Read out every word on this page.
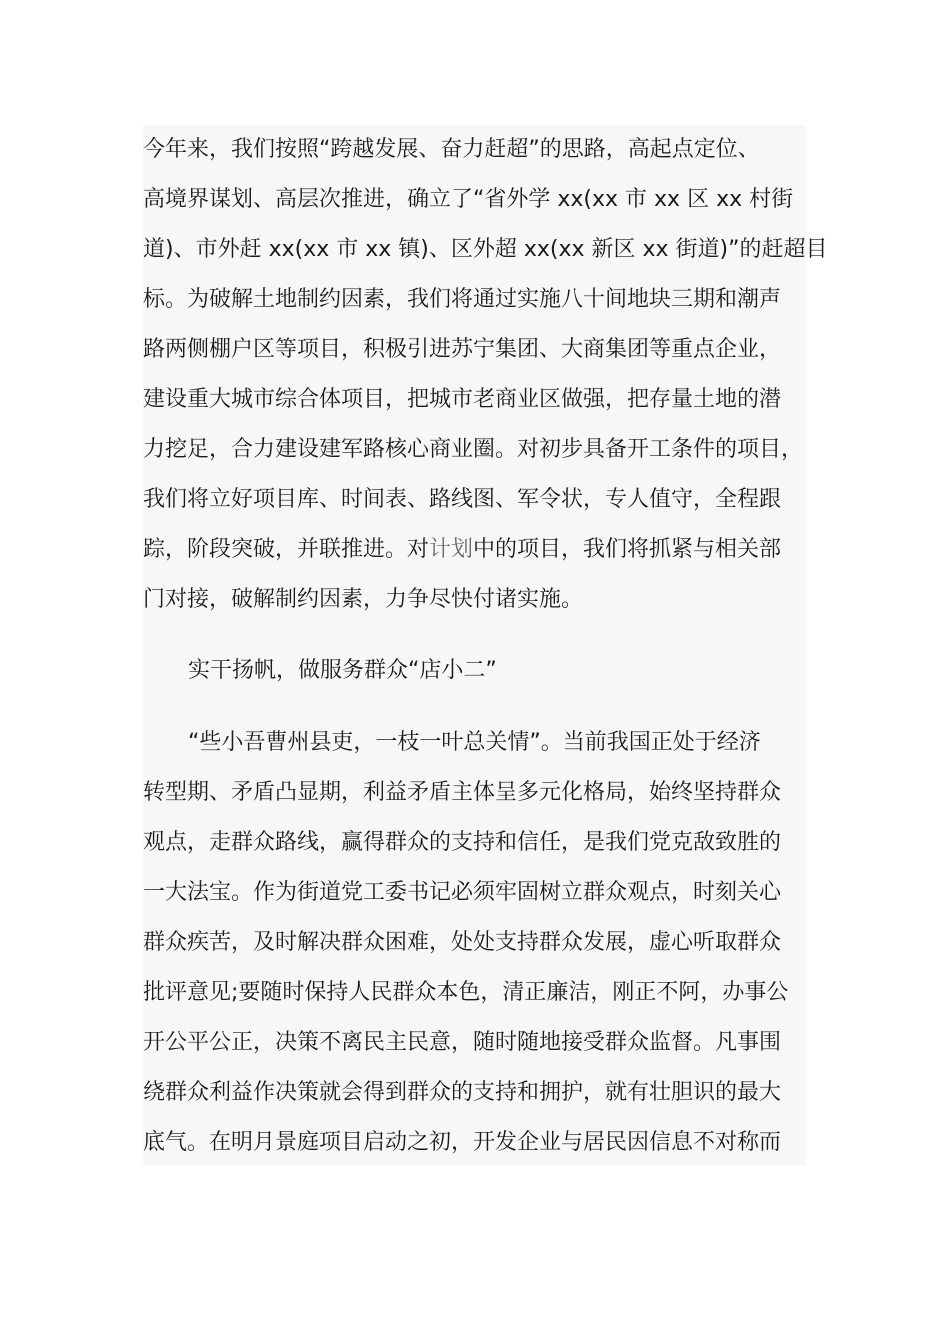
今年来，我们按照“跨越发展、奋力赶超”的思路，高起点定位、
高境界谋划、高层次推进，确立了“省外学 xx(xx 市 xx 区 xx 村街
道)、市外赶 xx(xx 市 xx 镇)、区外超 xx(xx 新区 xx 街道)”的赶超目
标。为破解土地制约因素，我们将通过实施八十间地块三期和潮声
路两侧棚户区等项目，积极引进苏宁集团、大商集团等重点企业，
建设重大城市综合体项目，把城市老商业区做强，把存量土地的潜
力挖足，合力建设建军路核心商业圈。对初步具备开工条件的项目，
我们将立好项目库、时间表、路线图、军令状，专人值守，全程跟
踪，阶段突破，并联推进。对计划中的项目，我们将抓紧与相关部
门对接，破解制约因素，力争尽快付诸实施。
实干扬帆，做服务群众“店小二”
“些小吾曹州县吏，一枝一叶总关情”。当前我国正处于经济
转型期、矛盾凸显期，利益矛盾主体呈多元化格局，始终坚持群众
观点，走群众路线，赢得群众的支持和信任，是我们党克敌致胜的
一大法宝。作为街道党工委书记必须牢固树立群众观点，时刻关心
群众疾苦，及时解决群众困难，处处支持群众发展，虚心听取群众
批评意见;要随时保持人民群众本色，清正廉洁，刚正不阿，办事公
开公平公正，决策不离民主民意，随时随地接受群众监督。凡事围
绕群众利益作决策就会得到群众的支持和拥护，就有壮胆识的最大
底气。在明月景庭项目启动之初，开发企业与居民因信息不对称而
